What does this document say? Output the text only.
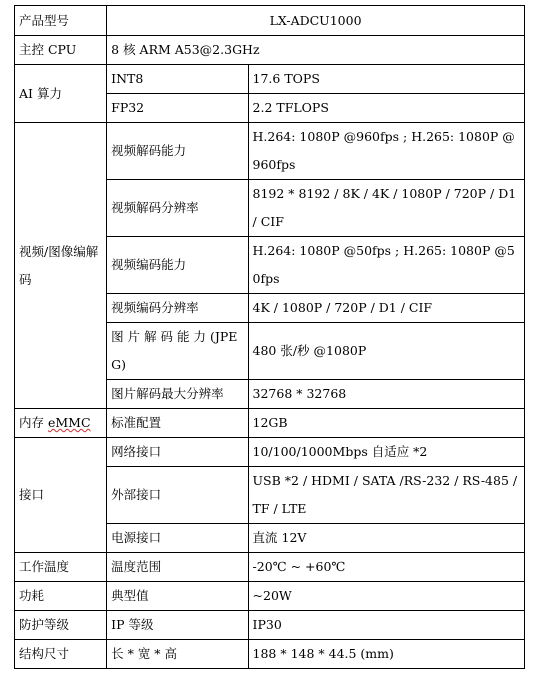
产品型号	LX-ADCU1000	
主控 CPU	8 核 ARM A53@2.3GHz	
AI 算力	INT8	17.6 TOPS
	FP32	2.2 TFLOPS
视频/图像编解码	视频解码能力	H.264: 1080P @960fps ; H.265: 1080P @960fps
	视频解码分辨率	8192 * 8192 / 8K / 4K / 1080P / 720P / D1 / CIF
	视频编码能力	H.264: 1080P @50fps ; H.265: 1080P @50fps
	视频编码分辨率	4K / 1080P / 720P / D1 / CIF
	图 片 解 码 能 力 (JPEG)	480 张/秒 @1080P
	图片解码最大分辨率	32768 * 32768
内存 eMMC	标准配置	12GB
接口	网络接口	10/100/1000Mbps 自适应 *2
	外部接口	USB *2 / HDMI / SATA /RS-232 / RS-485 / TF / LTE
	电源接口	直流 12V
工作温度	温度范围	-20℃ ~ +60℃
功耗	典型值	~20W
防护等级	IP 等级	IP30
结构尺寸	长 * 宽 * 高	188 * 148 * 44.5 (mm)
